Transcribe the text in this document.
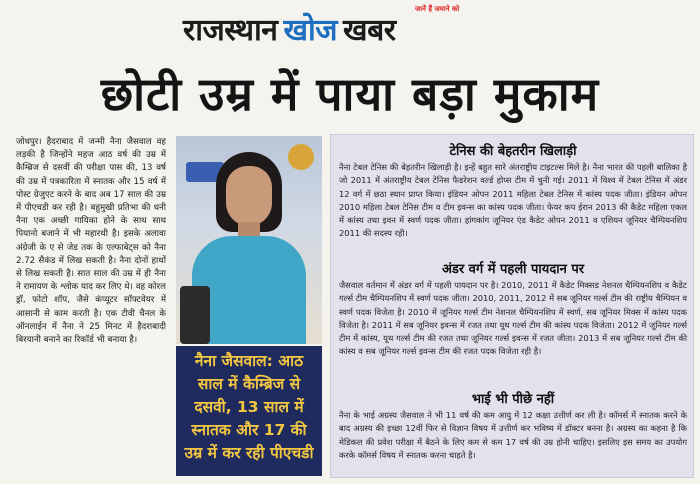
जानें हैं जमाने को
राजस्थान खोज खबर
छोटी उम्र में पाया बड़ा मुकाम
जोधपुर। हैदराबाद में जन्मी नैना जैसवाल वह लड़की है जिन्होंने महज आठ वर्ष की उम्र में कैम्ब्रिज से दसवीं की परीक्षा पास की, 13 वर्ष की उम्र में पत्रकारिता में स्नातक और 15 वर्ष में पोस्ट ग्रेजुएट करने के बाद अब 17 साल की उम्र में पीएचडी कर रही है। बहुमुखी प्रतिभा की धनी नैना एक अच्छी गायिका होने के साथ साथ पियानो बजाने में भी महारथी है। इसके अलावा अंग्रेजी के ए से जेड तक के एल्फाबेट्स को नैना 2.72 सैकंड में लिख सकती है। नैना दोनों हाथों से लिख सकती है। सात साल की उम्र में ही नैना ने रामायण के श्लोक याद कर लिए थे। वह कोरल ड्रॉ, फोटो शॉप, जैसे कंप्यूटर सॉफ्टवेयर में आसानी से काम करती है। एक टीवी चैनल के ऑनलाईन में नैना ने 25 मिनट में हैदराबादी बिरयानी बनाने का रिकॉर्ड भी बनाया है।
नैना जैसवाल: आठ साल में कैम्ब्रिज से दसवी, 13 साल में स्नातक और 17 की उम्र में कर रही पीएचडी
टेनिस की बेहतरीन खिलाड़ी
नैना टेबल टेनिस की बेहतरीन खिलाड़ी है। इन्हें बहुत सारे अंतराष्ट्रीय टाइटल्स मिले है। नैना भारत की पहली बालिका है जो 2011 में अंतराष्ट्रीय टेबल टेनिस फैडरेशन वर्ल्ड होप्स टीम में चुनी गई। 2011 में विश्व में टेबल टेनिस में अंडर 12 वर्ग में छठा स्थान प्राप्त किया। इंडियन ओपन 2011 महिला टेबल टेनिस में कांस्य पदक जीता। इंडियन ओपन 2010 महिला टेबल टेनिस टीम व टीम इवन्स का कांस्य पदक जीता। फेयर कप ईरान 2013 की कैडेट महिला एकल में कांस्य तथा इवन में स्वर्ण पदक जीता। हांगकांग जूनियर एंड कैडेट ओपन 2011 व एशियन जूनियर चैम्पियनशिप 2011 की सदस्य रही।
अंडर वर्ग में पहली पायदान पर
जैसवाल वर्तमान में अंडर वर्ग में पहली पायदान पर है। 2010, 2011 में कैडेट मिक्सड नेशनल चैम्पियनशिप व कैडेट गर्ल्स टीम चैम्पियनशिप में स्वर्ण पदक जीता। 2010, 2011, 2012 में सब जूनियर गर्ल्स टीम की राष्ट्रीय चैम्पियन व स्वर्ण पदक विजेता है। 2010 में जूनियर गर्ल्स टीम नेशनल चैम्पियनशिप में स्वर्ण, सब जूनियर मिक्स में कांस्य पदक विजेता है। 2011 में सब जूनियर इवन्स में रजत तथा यूथ गर्ल्स टीम की कांस्य पदक विजेता। 2012 में जूनियर गर्ल्स टीम में कांस्य, यूथ गर्ल्स टीम की रजत तथा जूनियर गर्ल्स इवन्स में रजत जीता। 2013 में सब जूनियर गर्ल्स टीम की कांस्य व सब जूनियर गर्ल्स इवन्स टीम की रजत पदक विजेता रही है।
भाई भी पीछे नहीं
नैना के भाई अग्रस्य जैसवाल ने भी 11 वर्ष की कम आयु में 12 कक्षा उत्तीर्ण कर ली है। कॉमर्स में स्नातक करने के बाद अग्रस्य की इच्छा 12वीं फिर से विज्ञान विषय में उत्तीर्ण कर भविष्य में डॉक्टर बनना है। अग्रस्य का कहना है कि मेडिकल की प्रवेश परीक्षा में बैठने के लिए कम से कम 17 वर्ष की उम्र होनी चाहिए। इसलिए इस समय का उपयोग करके कॉमर्स विषय में स्नातक करना चाहते है।
